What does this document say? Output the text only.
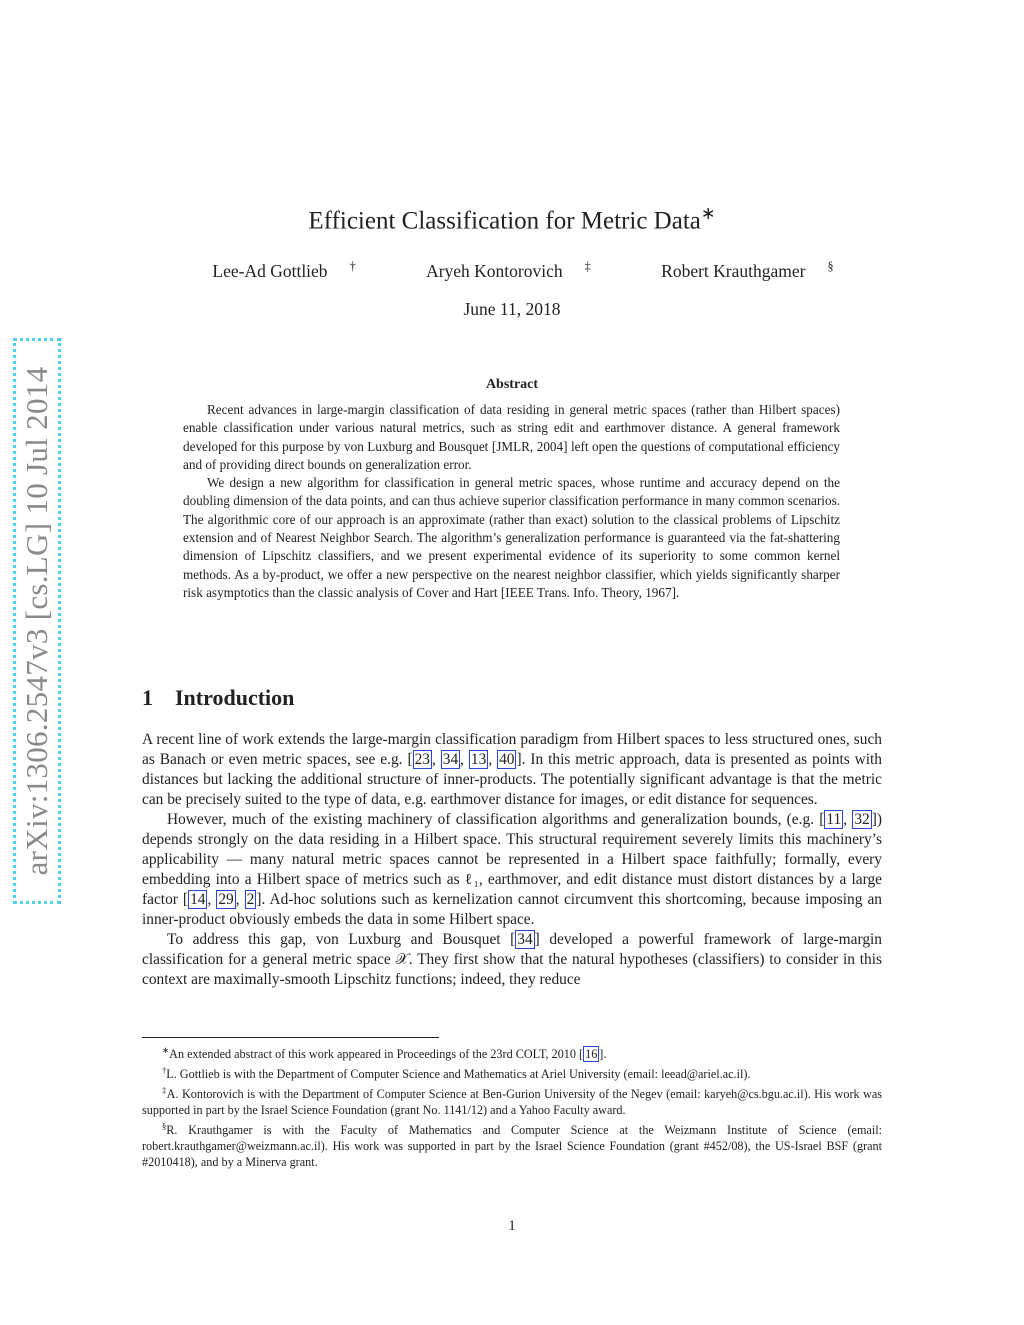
arXiv:1306.2547v3 [cs.LG] 10 Jul 2014
Efficient Classification for Metric Data∗
Lee-Ad Gottlieb †	Aryeh Kontorovich ‡	Robert Krauthgamer §
June 11, 2018
Abstract

Recent advances in large-margin classification of data residing in general metric spaces (rather than Hilbert spaces) enable classification under various natural metrics, such as string edit and earthmover distance. A general framework developed for this purpose by von Luxburg and Bousquet [JMLR, 2004] left open the questions of computational efficiency and of providing direct bounds on generalization error.

We design a new algorithm for classification in general metric spaces, whose runtime and accuracy depend on the doubling dimension of the data points, and can thus achieve superior classification performance in many common scenarios. The algorithmic core of our approach is an approximate (rather than exact) solution to the classical problems of Lipschitz extension and of Nearest Neighbor Search. The algorithm’s generalization performance is guaranteed via the fat-shattering dimension of Lipschitz classifiers, and we present experimental evidence of its superiority to some common kernel methods. As a by-product, we offer a new perspective on the nearest neighbor classifier, which yields significantly sharper risk asymptotics than the classic analysis of Cover and Hart [IEEE Trans. Info. Theory, 1967].

1 Introduction

A recent line of work extends the large-margin classification paradigm from Hilbert spaces to less structured ones, such as Banach or even metric spaces, see e.g. [ 23 , 34 , 13 , 40 ]. In this metric approach, data is presented as points with distances but lacking the additional structure of inner-products. The potentially significant advantage is that the metric can be precisely suited to the type of data, e.g. earthmover distance for images, or edit distance for sequences.

However, much of the existing machinery of classification algorithms and generalization bounds, (e.g. [ 11 , 32 ]) depends strongly on the data residing in a Hilbert space. This structural requirement severely limits this machinery’s applicability — many natural metric spaces cannot be represented in a Hilbert space faithfully; formally, every embedding into a Hilbert space of metrics such as ℓ₁, earthmover, and edit distance must distort distances by a large factor [ 14 , 29 , 2 ]. Ad-hoc solutions such as kernelization cannot circumvent this shortcoming, because imposing an inner-product obviously embeds the data in some Hilbert space.

To address this gap, von Luxburg and Bousquet [ 34 ] developed a powerful framework of large-margin classification for a general metric space 𝒳. They first show that the natural hypotheses (classifiers) to consider in this context are maximally-smooth Lipschitz functions; indeed, they reduce

∗An extended abstract of this work appeared in Proceedings of the 23rd COLT, 2010 [ 16 ].

†L. Gottlieb is with the Department of Computer Science and Mathematics at Ariel University (email: leead@ariel.ac.il).

‡A. Kontorovich is with the Department of Computer Science at Ben-Gurion University of the Negev (email: karyeh@cs.bgu.ac.il). His work was supported in part by the Israel Science Foundation (grant No. 1141/12) and a Yahoo Faculty award.

§R. Krauthgamer is with the Faculty of Mathematics and Computer Science at the Weizmann Institute of Science (email: robert.krauthgamer@weizmann.ac.il). His work was supported in part by the Israel Science Foundation (grant #452/08), the US-Israel BSF (grant #2010418), and by a Minerva grant.

1
